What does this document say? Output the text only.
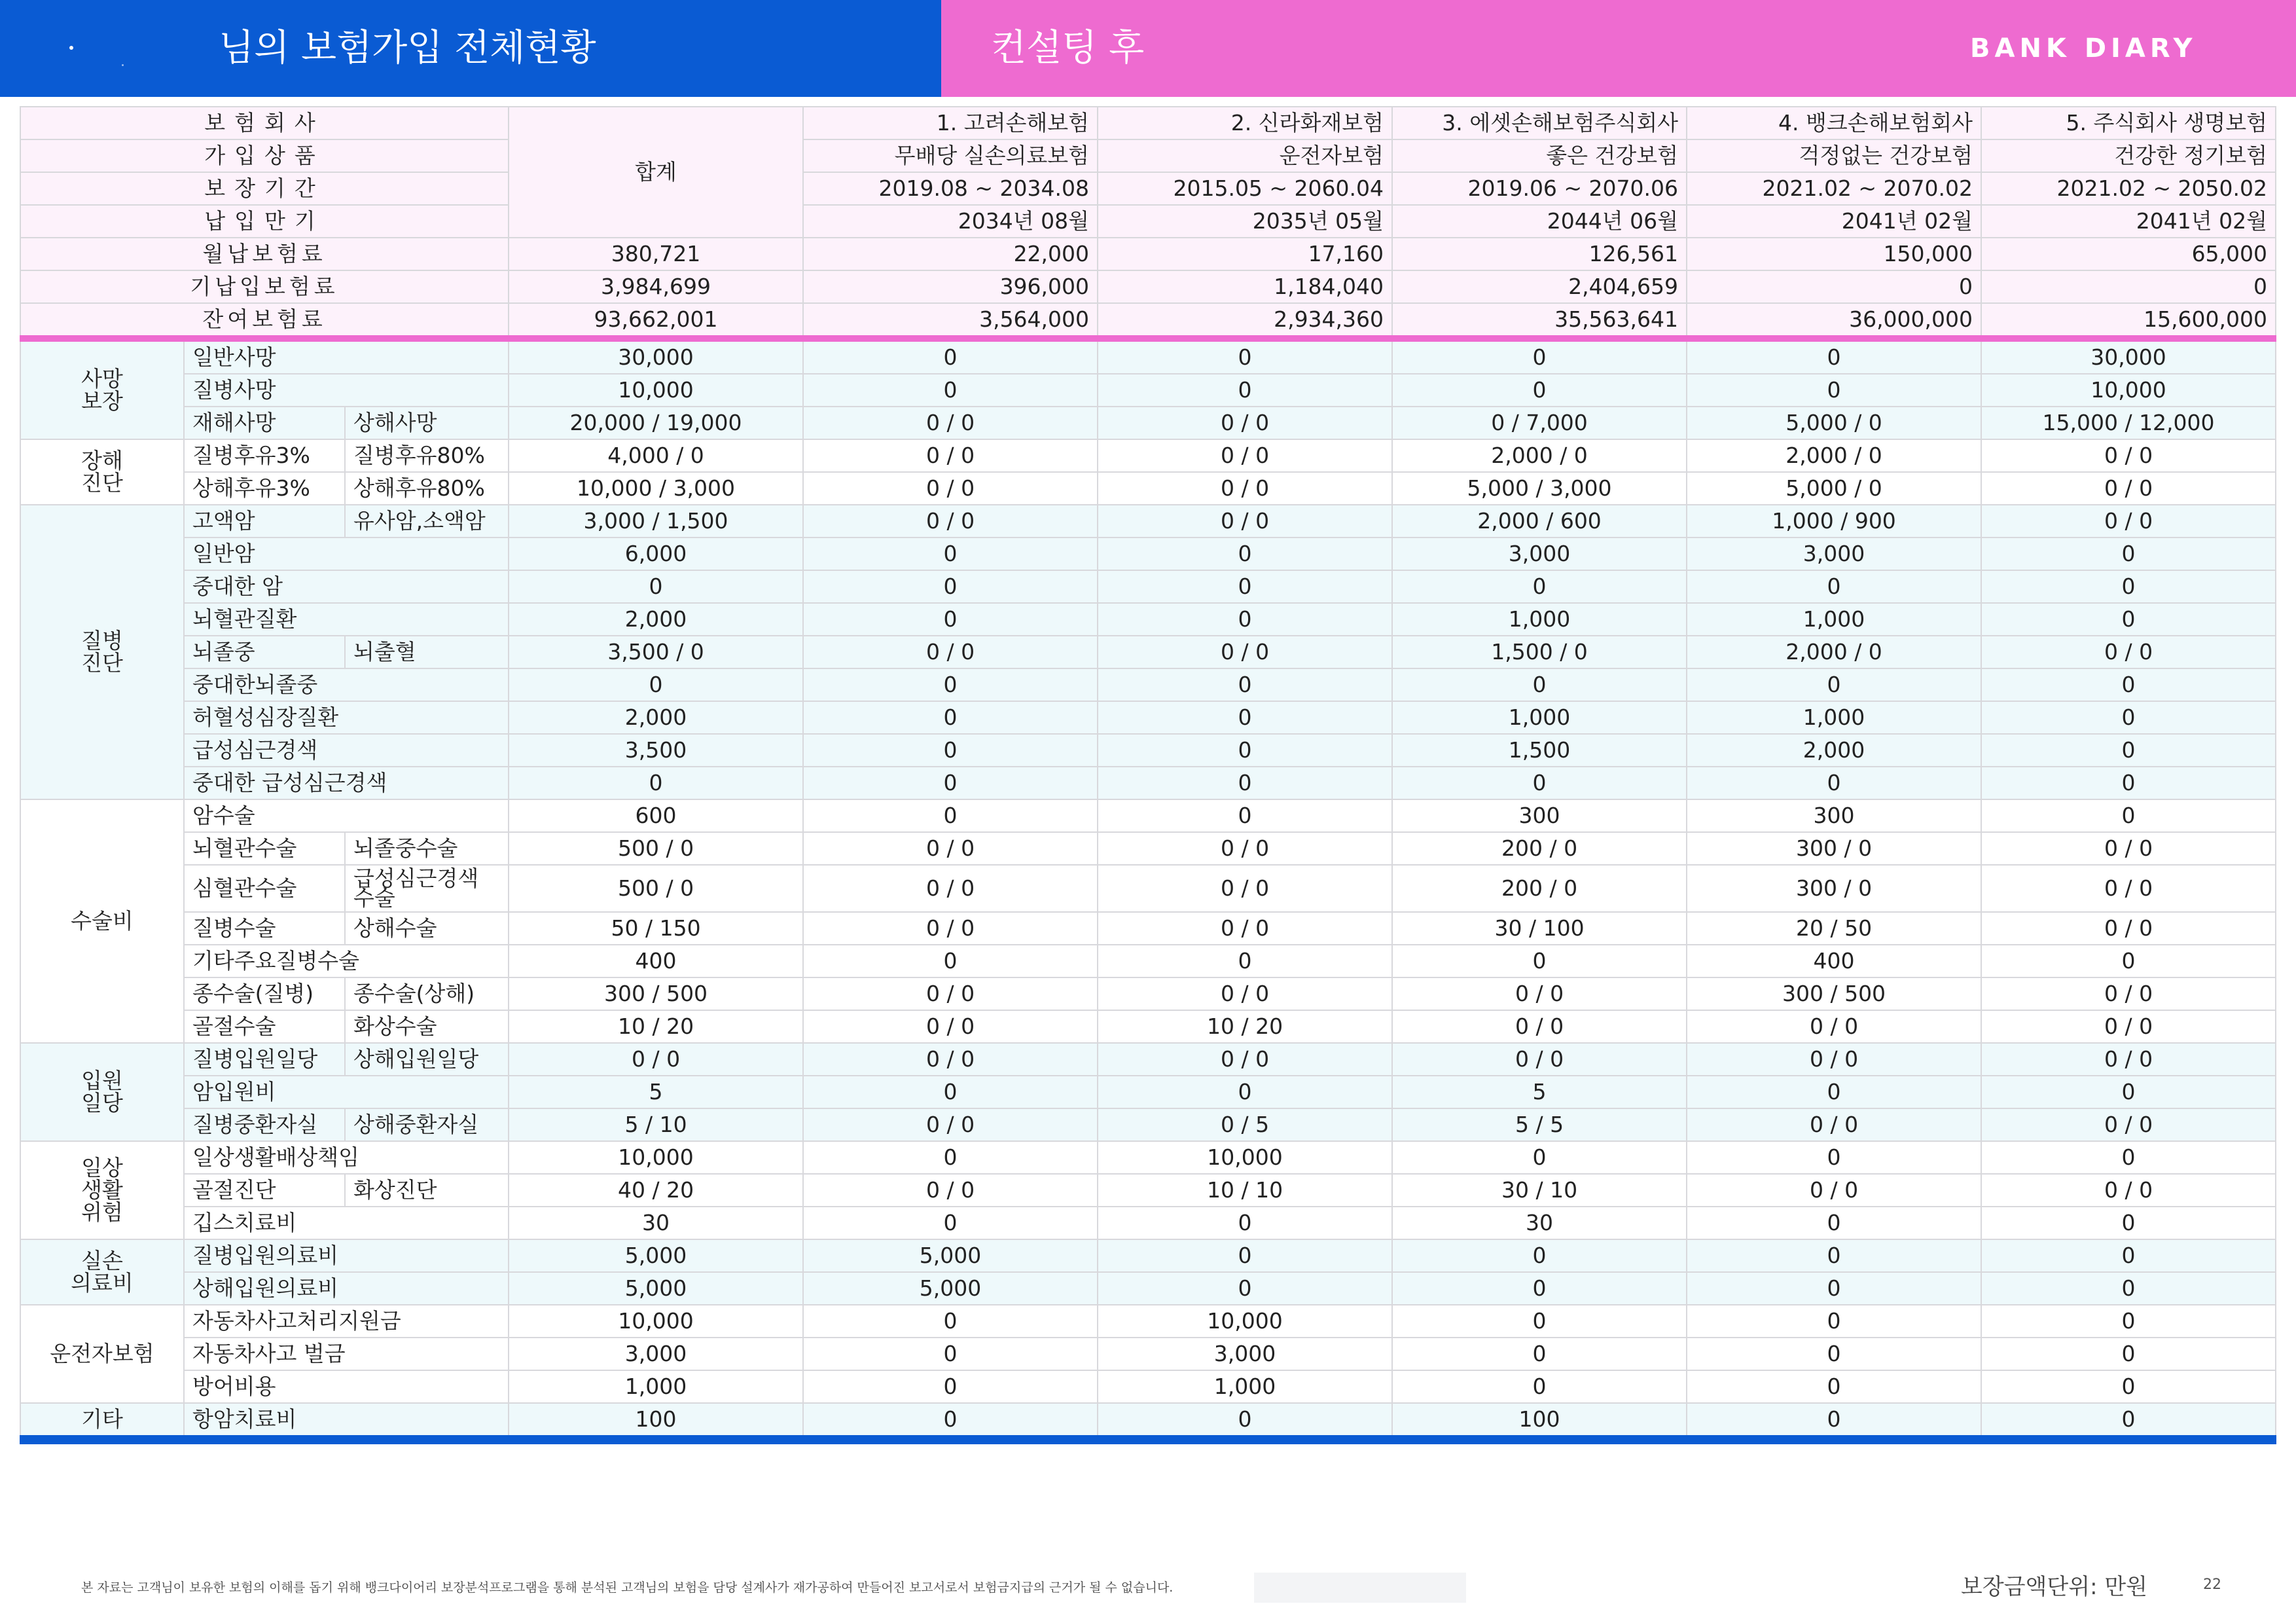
님의 보험가입 전체현황	컨설팅 후	BANK DIARY
보험회사			합계	1. 고려손해보험	2. 신라화재보험	3. 에셋손해보험주식회사	4. 뱅크손해보험회사	5. 주식회사 생명보험
가입상품				무배당 실손의료보험	운전자보험	좋은 건강보험	걱정없는 건강보험	건강한 정기보험
보장기간				2019.08 ~ 2034.08	2015.05 ~ 2060.04	2019.06 ~ 2070.06	2021.02 ~ 2070.02	2021.02 ~ 2050.02
납입만기				2034년 08월	2035년 05월	2044년 06월	2041년 02월	2041년 02월
월납보험료			380,721	22,000	17,160	126,561	150,000	65,000
기납입보험료			3,984,699	396,000	1,184,040	2,404,659	0	0
잔여보험료			93,662,001	3,564,000	2,934,360	35,563,641	36,000,000	15,600,000
사망
보장	일반사망		30,000	0	0	0	0	30,000
	질병사망		10,000	0	0	0	0	10,000
	재해사망	상해사망	20,000 / 19,000	0 / 0	0 / 0	0 / 7,000	5,000 / 0	15,000 / 12,000
장해
진단	질병후유3%	질병후유80%	4,000 / 0	0 / 0	0 / 0	2,000 / 0	2,000 / 0	0 / 0
	상해후유3%	상해후유80%	10,000 / 3,000	0 / 0	0 / 0	5,000 / 3,000	5,000 / 0	0 / 0
질병
진단	고액암	유사암,소액암	3,000 / 1,500	0 / 0	0 / 0	2,000 / 600	1,000 / 900	0 / 0
	일반암		6,000	0	0	3,000	3,000	0
	중대한 암		0	0	0	0	0	0
	뇌혈관질환		2,000	0	0	1,000	1,000	0
	뇌졸중	뇌출혈	3,500 / 0	0 / 0	0 / 0	1,500 / 0	2,000 / 0	0 / 0
	중대한뇌졸중		0	0	0	0	0	0
	허혈성심장질환		2,000	0	0	1,000	1,000	0
	급성심근경색		3,500	0	0	1,500	2,000	0
	중대한 급성심근경색		0	0	0	0	0	0
수술비	암수술		600	0	0	300	300	0
	뇌혈관수술	뇌졸중수술	500 / 0	0 / 0	0 / 0	200 / 0	300 / 0	0 / 0
	심혈관수술	급성심근경색
수술	500 / 0	0 / 0	0 / 0	200 / 0	300 / 0	0 / 0
	질병수술	상해수술	50 / 150	0 / 0	0 / 0	30 / 100	20 / 50	0 / 0
	기타주요질병수술		400	0	0	0	400	0
	종수술(질병)	종수술(상해)	300 / 500	0 / 0	0 / 0	0 / 0	300 / 500	0 / 0
	골절수술	화상수술	10 / 20	0 / 0	10 / 20	0 / 0	0 / 0	0 / 0
입원
일당	질병입원일당	상해입원일당	0 / 0	0 / 0	0 / 0	0 / 0	0 / 0	0 / 0
	암입원비		5	0	0	5	0	0
	질병중환자실	상해중환자실	5 / 10	0 / 0	0 / 5	5 / 5	0 / 0	0 / 0
일상
생활
위험	일상생활배상책임		10,000	0	10,000	0	0	0
	골절진단	화상진단	40 / 20	0 / 0	10 / 10	30 / 10	0 / 0	0 / 0
	깁스치료비		30	0	0	30	0	0
실손
의료비	질병입원의료비		5,000	5,000	0	0	0	0
	상해입원의료비		5,000	5,000	0	0	0	0
운전자보험	자동차사고처리지원금		10,000	0	10,000	0	0	0
	자동차사고 벌금		3,000	0	3,000	0	0	0
	방어비용		1,000	0	1,000	0	0	0
기타	항암치료비		100	0	0	100	0	0
본 자료는 고객님이 보유한 보험의 이해를 돕기 위해 뱅크다이어리 보장분석프로그램을 통해 분석된 고객님의 보험을 담당 설계사가 재가공하여 만들어진 보고서로서 보험금지급의 근거가 될 수 없습니다.	보장금액단위: 만원	22
